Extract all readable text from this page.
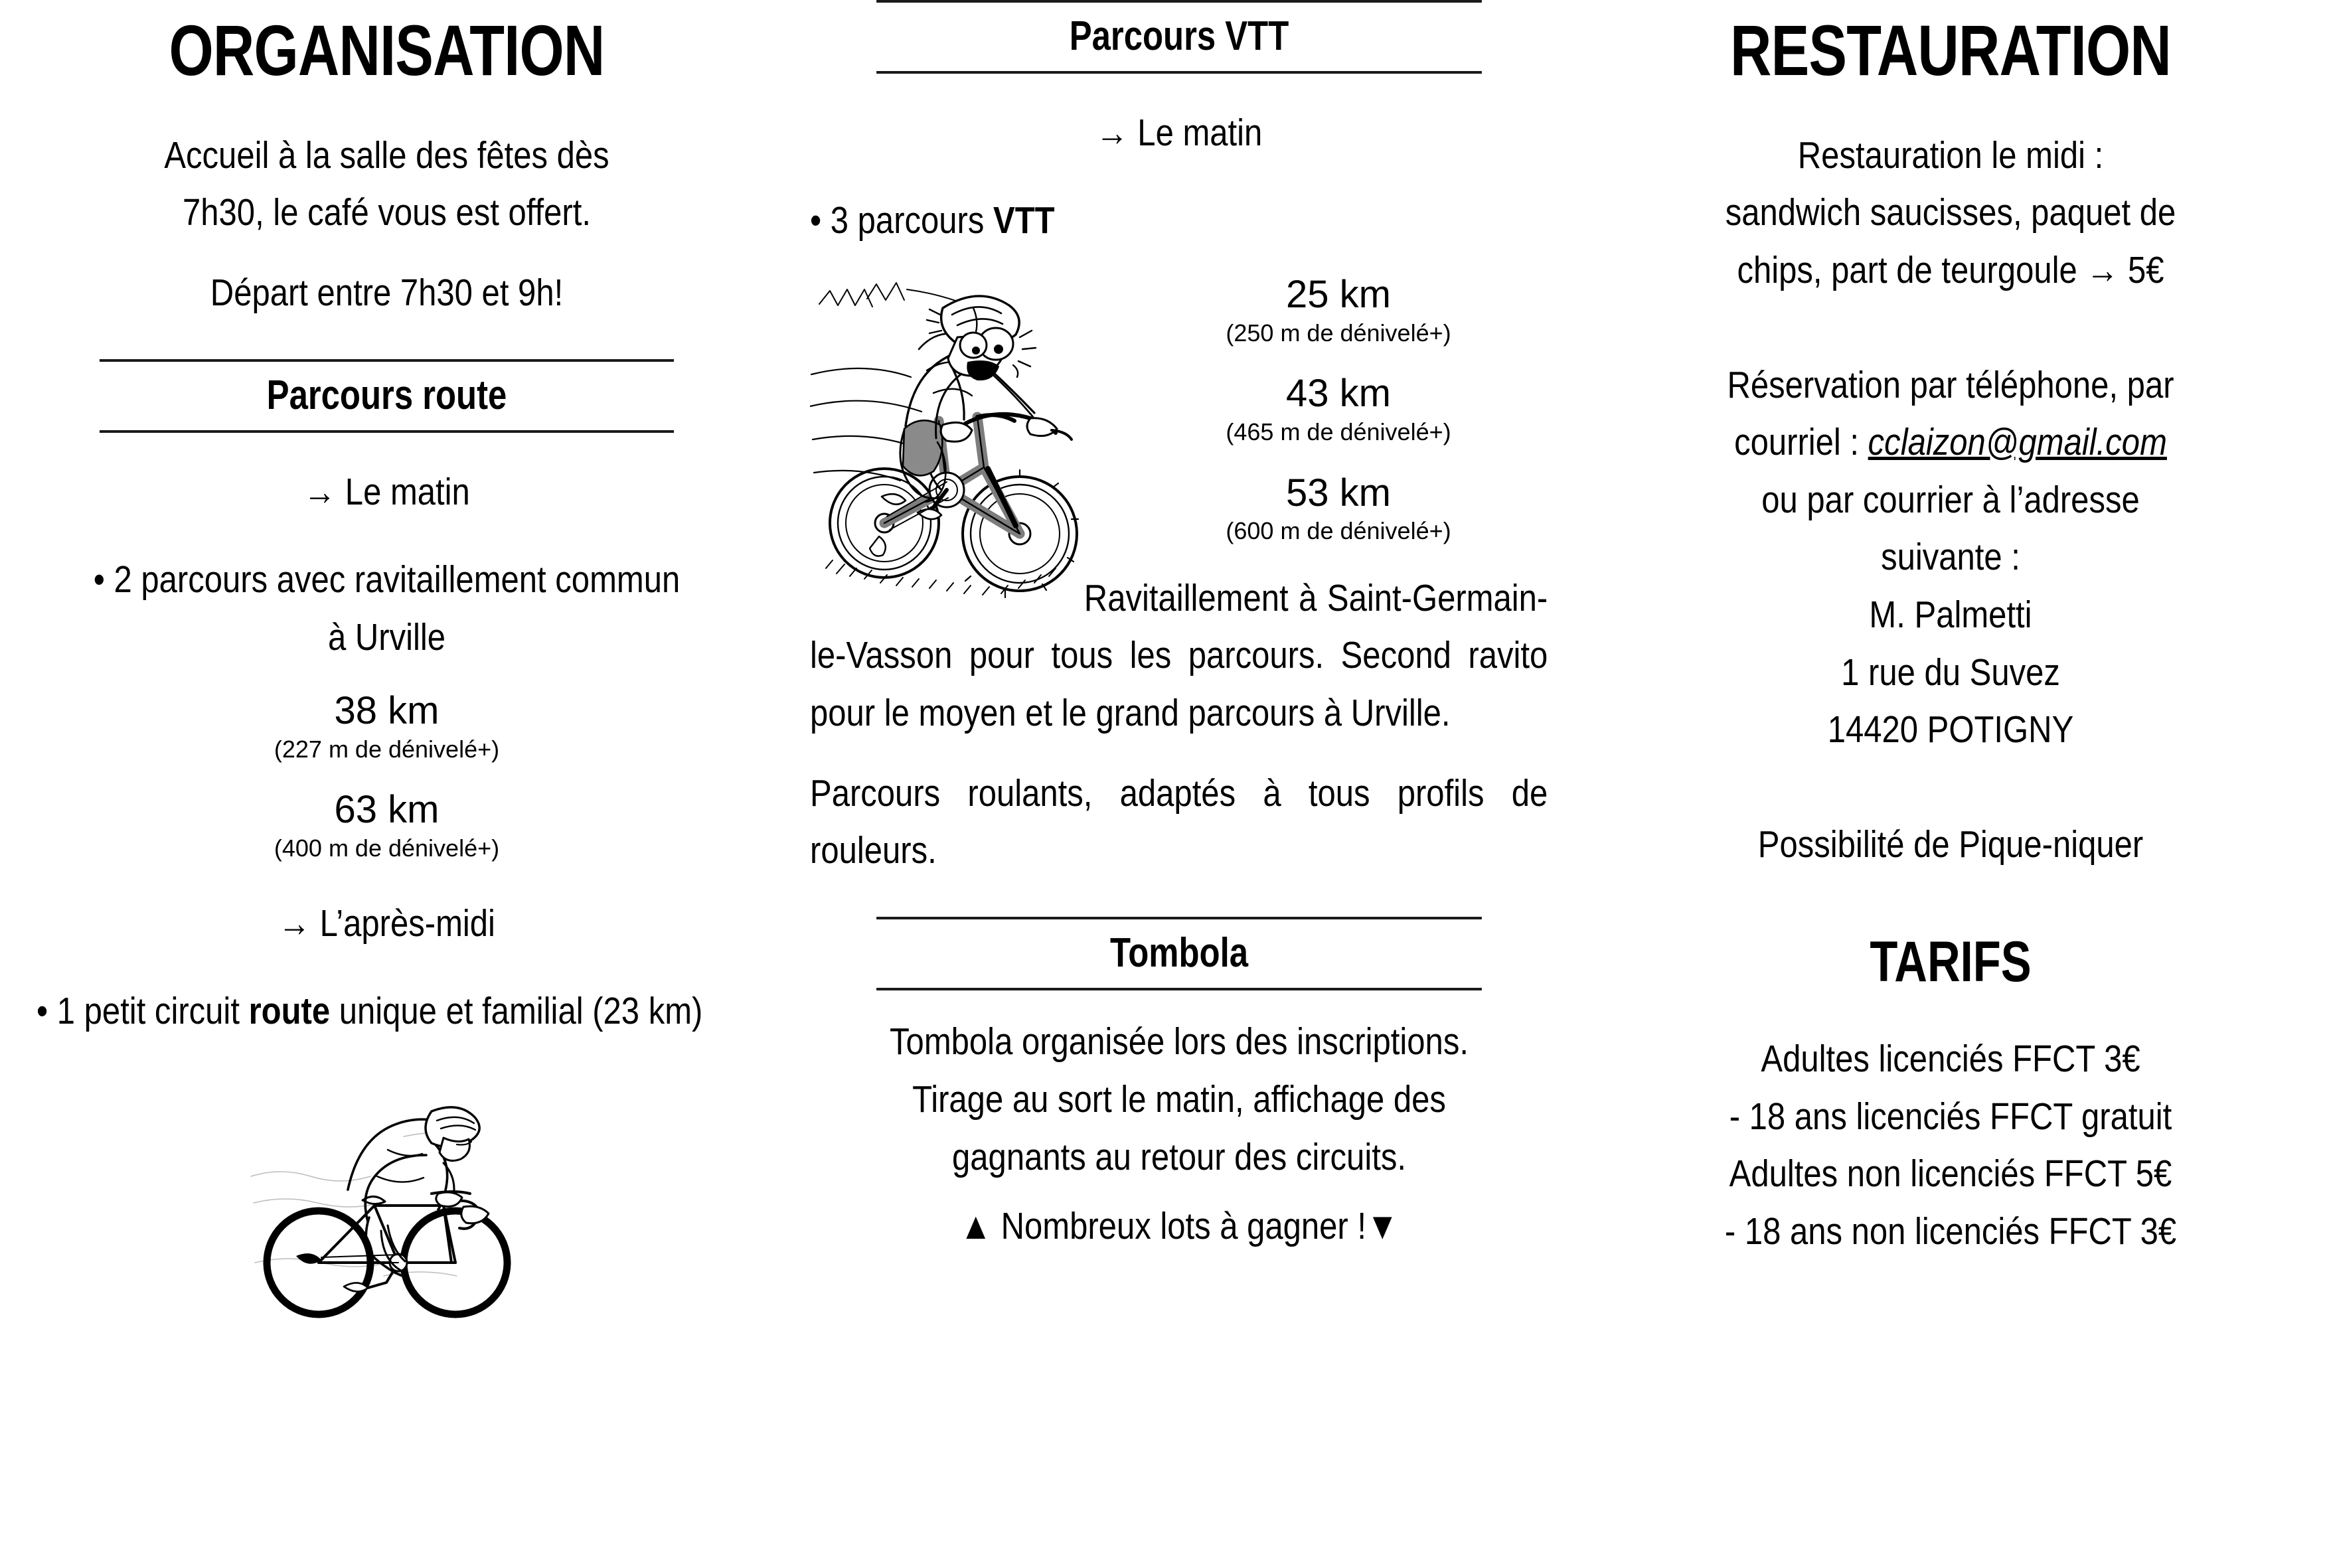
ORGANISATION
Accueil à la salle des fêtes dès
7h30, le café vous est offert.
Départ entre 7h30 et 9h!
Parcours route
→ Le matin
• 2 parcours avec ravitaillement commun à Urville
38 km
(227 m de dénivelé+)
63 km
(400 m de dénivelé+)
→ L’après-midi
• 1 petit circuit route unique et familial (23 km)
Parcours VTT
→ Le matin
• 3 parcours VTT
25 km
(250 m de dénivelé+)
43 km
(465 m de dénivelé+)
53 km
(600 m de dénivelé+)
Ravitaillement à Saint-Germain-le-Vasson pour tous les parcours. Second ravito pour le moyen et le grand parcours à Urville.
Parcours roulants, adaptés à tous profils de rouleurs.
Tombola
Tombola organisée lors des inscriptions. Tirage au sort le matin, affichage des gagnants au retour des circuits.
▲ Nombreux lots à gagner !▼
RESTAURATION
Restauration le midi :
sandwich saucisses, paquet de
chips, part de teurgoule → 5€
Réservation par téléphone, par
courriel : cclaizon@gmail.com
ou par courrier à l’adresse
suivante :
M. Palmetti
1 rue du Suvez
14420 POTIGNY
Possibilité de Pique-niquer
TARIFS
Adultes licenciés FFCT 3€
- 18 ans licenciés FFCT gratuit
Adultes non licenciés FFCT 5€
- 18 ans non licenciés FFCT 3€
